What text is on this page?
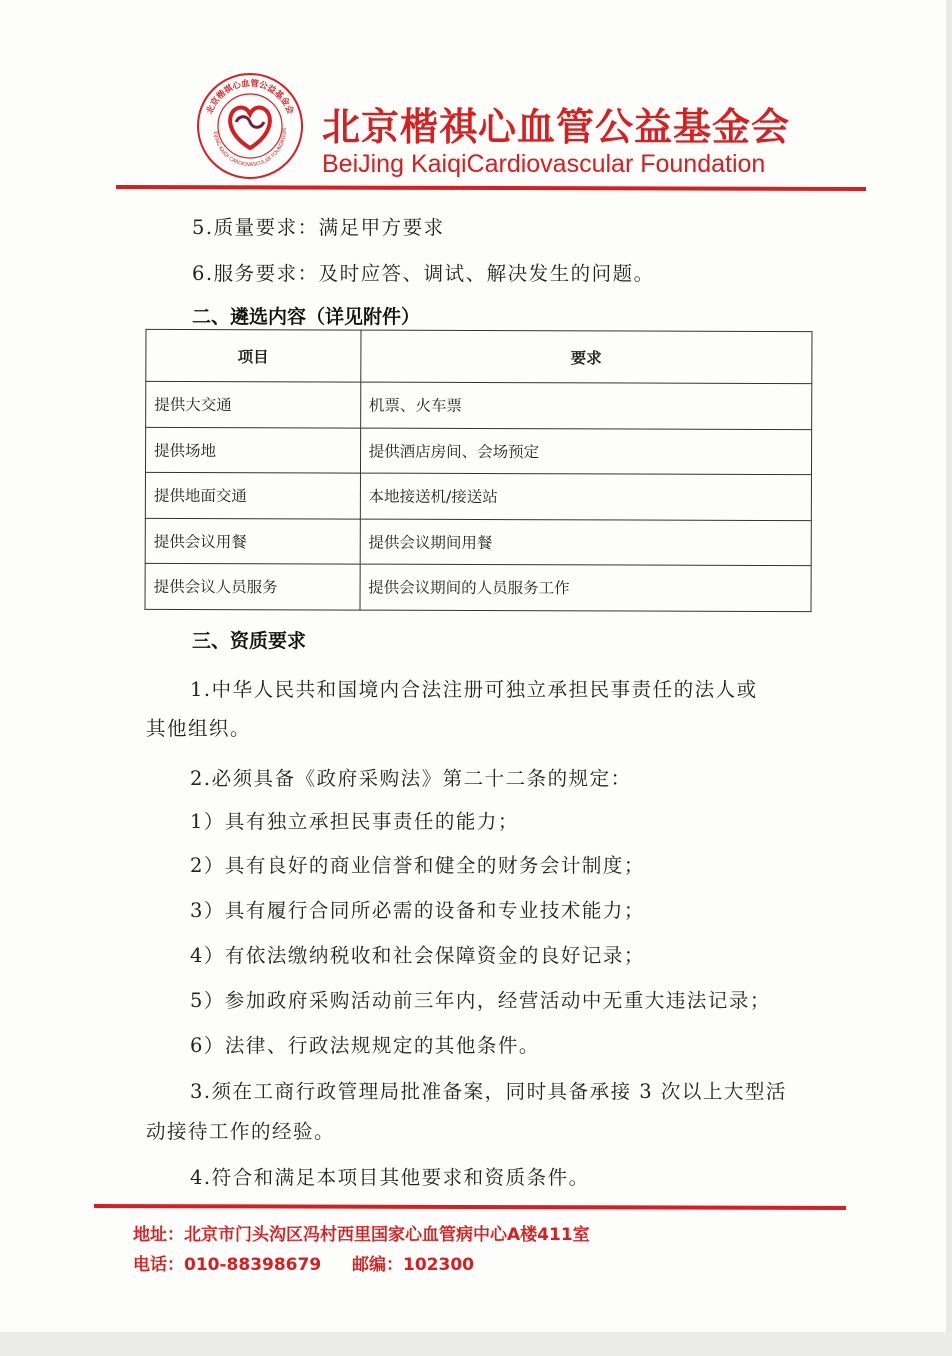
北京楷祺心血管公益基金会
EIJING KAIQI CARDIOVASCULAR FOUNDATION 北京楷祺心血管公益基金会
BeiJing KaiqiCardiovascular Foundation
5.质量要求：满足甲方要求
6.服务要求：及时应答、调试、解决发生的问题。
二、遴选内容（详见附件）
项目	要求
提供大交通	机票、火车票
提供场地	提供酒店房间、会场预定
提供地面交通	本地接送机/接送站
提供会议用餐	提供会议期间用餐
提供会议人员服务	提供会议期间的人员服务工作
三、资质要求
1.中华人民共和国境内合法注册可独立承担民事责任的法人或
其他组织。
2.必须具备《政府采购法》第二十二条的规定：
1）具有独立承担民事责任的能力；
2）具有良好的商业信誉和健全的财务会计制度；
3）具有履行合同所必需的设备和专业技术能力；
4）有依法缴纳税收和社会保障资金的良好记录；
5）参加政府采购活动前三年内，经营活动中无重大违法记录；
6）法律、行政法规规定的其他条件。
3.须在工商行政管理局批准备案，同时具备承接 3 次以上大型活
动接待工作的经验。
4.符合和满足本项目其他要求和资质条件。
地址：北京市门头沟区冯村西里国家心血管病中心A楼411室
电话：010-88398679 邮编：102300
